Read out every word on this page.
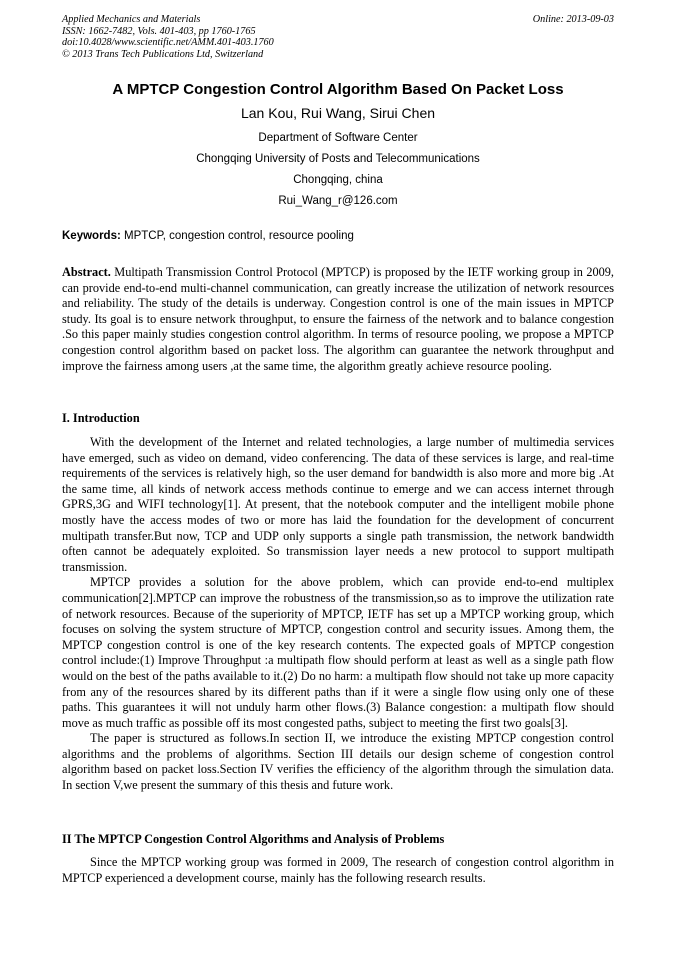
Applied Mechanics and Materials
ISSN: 1662-7482, Vols. 401-403, pp 1760-1765
doi:10.4028/www.scientific.net/AMM.401-403.1760
© 2013 Trans Tech Publications Ltd, Switzerland
Online: 2013-09-03
A MPTCP Congestion Control Algorithm Based On Packet Loss
Lan Kou, Rui Wang, Sirui Chen
Department of Software Center
Chongqing University of Posts and Telecommunications
Chongqing, china
Rui_Wang_r@126.com
Keywords: MPTCP, congestion control, resource pooling

Abstract. Multipath Transmission Control Protocol (MPTCP) is proposed by the IETF working group in 2009, can provide end-to-end multi-channel communication, can greatly increase the utilization of network resources and reliability. The study of the details is underway. Congestion control is one of the main issues in MPTCP study. Its goal is to ensure network throughput, to ensure the fairness of the network and to balance congestion .So this paper mainly studies congestion control algorithm. In terms of resource pooling, we propose a MPTCP congestion control algorithm based on packet loss. The algorithm can guarantee the network throughput and improve the fairness among users ,at the same time, the algorithm greatly achieve resource pooling.

I. Introduction

With the development of the Internet and related technologies, a large number of multimedia services have emerged, such as video on demand, video conferencing. The data of these services is large, and real-time requirements of the services is relatively high, so the user demand for bandwidth is also more and more big .At the same time, all kinds of network access methods continue to emerge and we can access internet through GPRS,3G and WIFI technology[1]. At present, that the notebook computer and the intelligent mobile phone mostly have the access modes of two or more has laid the foundation for the development of concurrent multipath transfer.But now, TCP and UDP only supports a single path transmission, the network bandwidth often cannot be adequately exploited. So transmission layer needs a new protocol to support multipath transmission.

MPTCP provides a solution for the above problem, which can provide end-to-end multiplex communication[2].MPTCP can improve the robustness of the transmission,so as to improve the utilization rate of network resources. Because of the superiority of MPTCP, IETF has set up a MPTCP working group, which focuses on solving the system structure of MPTCP, congestion control and security issues. Among them, the MPTCP congestion control is one of the key research contents. The expected goals of MPTCP congestion control include:(1) Improve Throughput :a multipath flow should perform at least as well as a single path flow would on the best of the paths available to it.(2) Do no harm: a multipath flow should not take up more capacity from any of the resources shared by its different paths than if it were a single flow using only one of these paths. This guarantees it will not unduly harm other flows.(3) Balance congestion: a multipath flow should move as much traffic as possible off its most congested paths, subject to meeting the first two goals[3].

The paper is structured as follows.In section II, we introduce the existing MPTCP congestion control algorithms and the problems of algorithms. Section III details our design scheme of congestion control algorithm based on packet loss.Section IV verifies the efficiency of the algorithm through the simulation data. In section V,we present the summary of this thesis and future work.

II The MPTCP Congestion Control Algorithms and Analysis of Problems

Since the MPTCP working group was formed in 2009, The research of congestion control algorithm in MPTCP experienced a development course, mainly has the following research results.
